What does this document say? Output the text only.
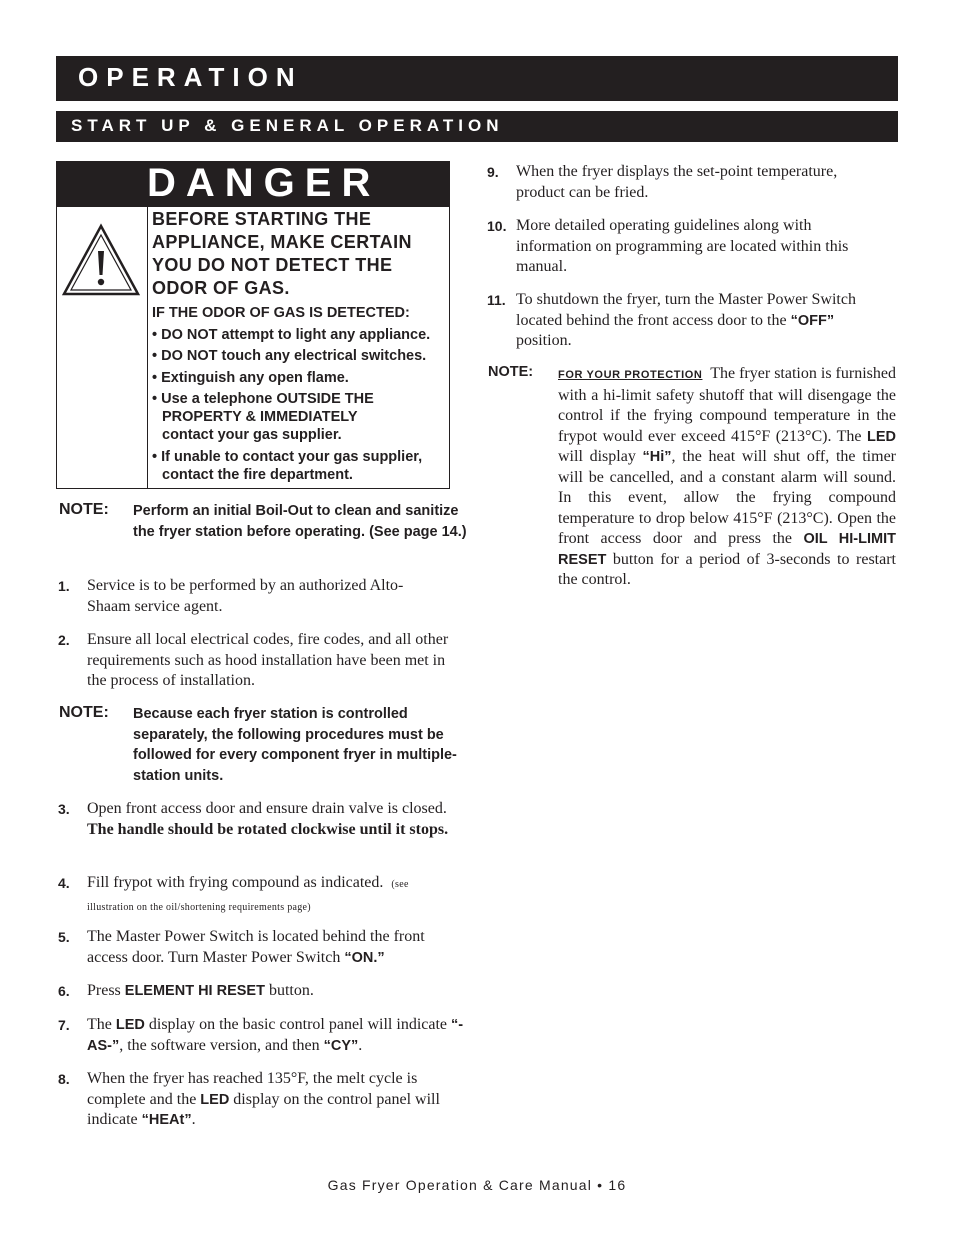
OPERATION
START UP & GENERAL OPERATION
DANGER
BEFORE STARTING THE APPLIANCE, MAKE CERTAIN YOU DO NOT DETECT THE ODOR OF GAS.
IF THE ODOR OF GAS IS DETECTED:
• DO NOT attempt to light any appliance.
• DO NOT touch any electrical switches.
• Extinguish any open flame.
• Use a telephone OUTSIDE THE PROPERTY & IMMEDIATELY contact your gas supplier.
• If unable to contact your gas supplier, contact the fire department.
NOTE: Perform an initial Boil-Out to clean and sanitize the fryer station before operating. (See page 14.)
1. Service is to be performed by an authorized Alto-Shaam service agent.
2. Ensure all local electrical codes, fire codes, and all other requirements such as hood installation have been met in the process of installation.
NOTE: Because each fryer station is controlled separately, the following procedures must be followed for every component fryer in multiple-station units.
3. Open front access door and ensure drain valve is closed.  The handle should be rotated clockwise until it stops.
4. Fill frypot with frying compound as indicated. (see illustration on the oil/shortening requirements page)
5. The Master Power Switch is located behind the front access door. Turn Master Power Switch “ON.”
6. Press ELEMENT HI RESET button.
7. The LED display on the basic control panel will indicate “-AS-”, the software version, and then “CY”.
8. When the fryer has reached 135°F, the melt cycle is complete and the LED display on the control panel will indicate “HEAt”.
9. When the fryer displays the set-point temperature, product can be fried.
10. More detailed operating guidelines along with information on programming are located within this manual.
11. To shutdown the fryer, turn the Master Power Switch located behind the front access door to the “OFF” position.
NOTE: FOR YOUR PROTECTION The fryer station is furnished with a hi-limit safety shutoff that will disengage the control if the frying compound temperature in the frypot would ever exceed 415°F (213°C). The LED will display “Hi”, the heat will shut off, the timer will be cancelled, and a constant alarm will sound. In this event, allow the frying compound temperature to drop below 415°F (213°C). Open the front access door and press the OIL HI-LIMIT RESET button for a period of 3-seconds to restart the control.
Gas Fryer Operation & Care Manual • 16
